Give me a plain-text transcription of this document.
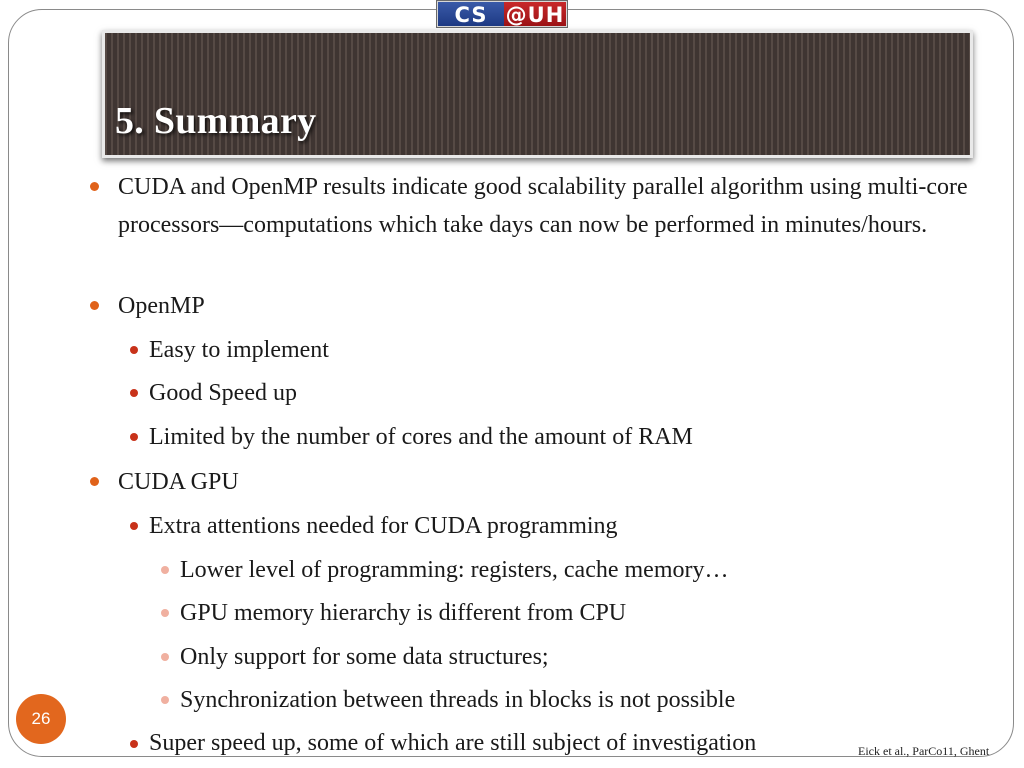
CS @UH
5. Summary

CUDA and OpenMP results indicate good scalability parallel algorithm using multi-core processors—computations which take days can now be performed in minutes/hours.

OpenMP
Easy to implement
Good Speed up
Limited by the number of cores and the amount of RAM
CUDA GPU
Extra attentions needed for CUDA programming
Lower level of programming: registers, cache memory…
GPU memory hierarchy is different from CPU
Only support for some data structures;
Synchronization between threads in blocks is not possible
Super speed up, some of which are still subject of investigation
26
Eick et al., ParCo11, Ghent
